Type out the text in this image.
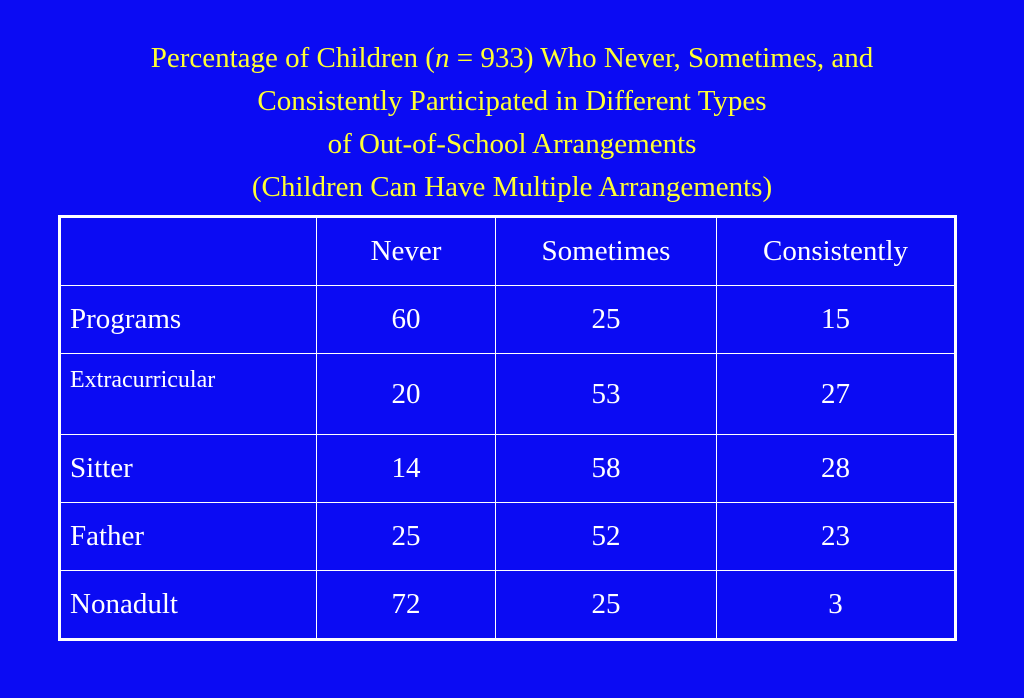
Percentage of Children (n = 933) Who Never, Sometimes, and
Consistently Participated in Different Types
of Out-of-School Arrangements
(Children Can Have Multiple Arrangements)
	Never	Sometimes	Consistently
Programs	60	25	15
Extracurricular	20	53	27
Sitter	14	58	28
Father	25	52	23
Nonadult	72	25	3
